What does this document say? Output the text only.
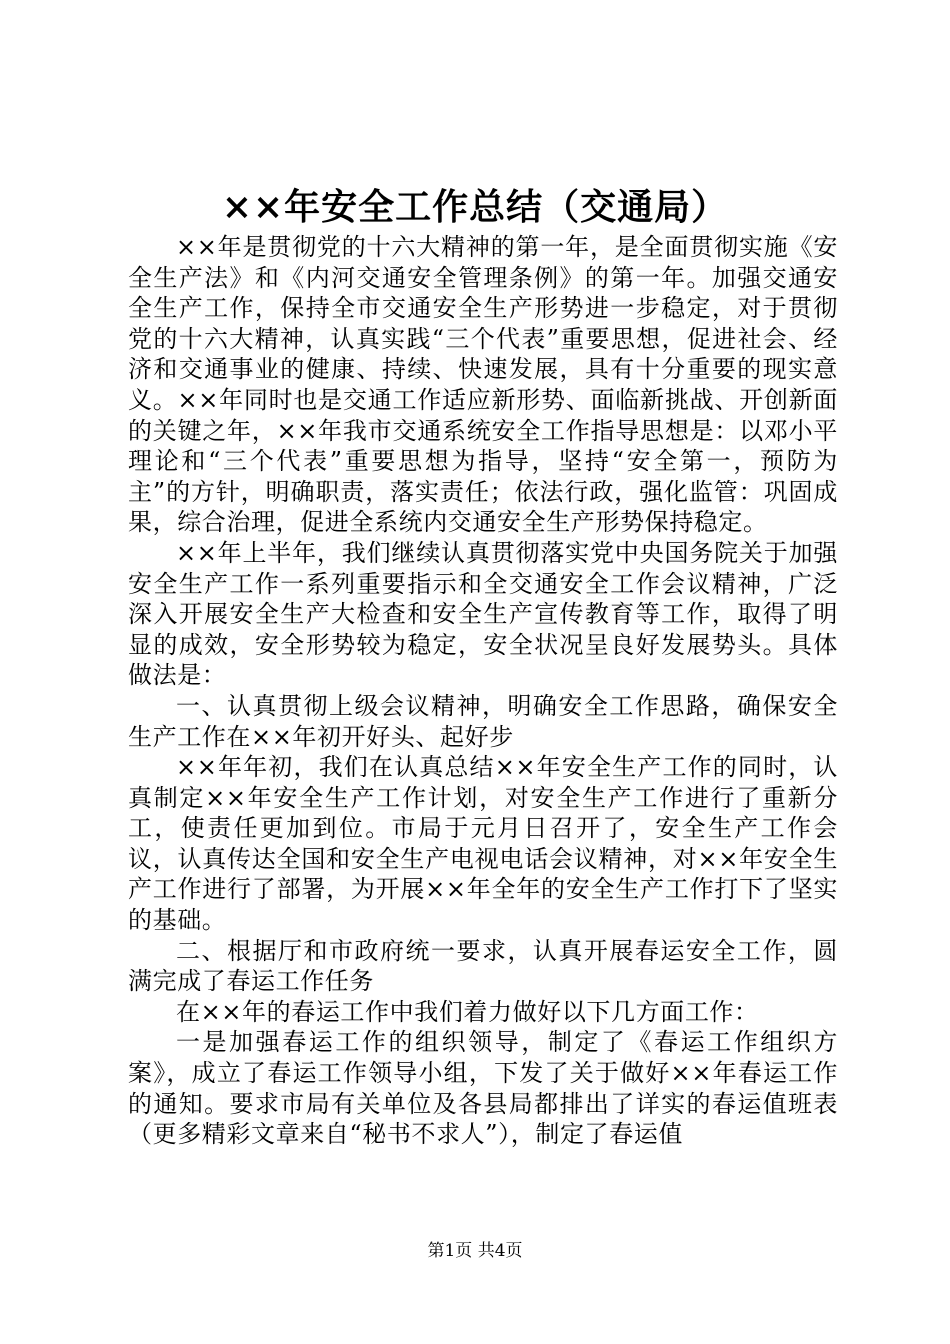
××年安全工作总结（交通局）

××年是贯彻党的十六大精神的第一年，是全面贯彻实施《安全生产法》和《内河交通安全管理条例》的第一年。加强交通安全生产工作，保持全市交通安全生产形势进一步稳定，对于贯彻党的十六大精神，认真实践“三个代表”重要思想，促进社会、经济和交通事业的健康、持续、快速发展，具有十分重要的现实意义。××年同时也是交通工作适应新形势、面临新挑战、开创新面的关键之年，××年我市交通系统安全工作指导思想是：以邓小平理论和“三个代表”重要思想为指导，坚持“安全第一，预防为主”的方针，明确职责，落实责任；依法行政，强化监管：巩固成果，综合治理，促进全系统内交通安全生产形势保持稳定。

××年上半年，我们继续认真贯彻落实党中央国务院关于加强安全生产工作一系列重要指示和全交通安全工作会议精神，广泛深入开展安全生产大检查和安全生产宣传教育等工作，取得了明显的成效，安全形势较为稳定，安全状况呈良好发展势头。具体做法是：

一、认真贯彻上级会议精神，明确安全工作思路，确保安全生产工作在××年初开好头、起好步

××年年初，我们在认真总结××年安全生产工作的同时，认真制定××年安全生产工作计划，对安全生产工作进行了重新分工，使责任更加到位。市局于元月日召开了，安全生产工作会议，认真传达全国和安全生产电视电话会议精神，对××年安全生产工作进行了部署，为开展××年全年的安全生产工作打下了坚实的基础。

二、根据厅和市政府统一要求，认真开展春运安全工作，圆满完成了春运工作任务

在××年的春运工作中我们着力做好以下几方面工作：

一是加强春运工作的组织领导，制定了《春运工作组织方案》，成立了春运工作领导小组，下发了关于做好××年春运工作的通知。要求市局有关单位及各县局都排出了详实的春运值班表（更多精彩文章来自“秘书不求人”），制定了春运值

第1页 共4页
